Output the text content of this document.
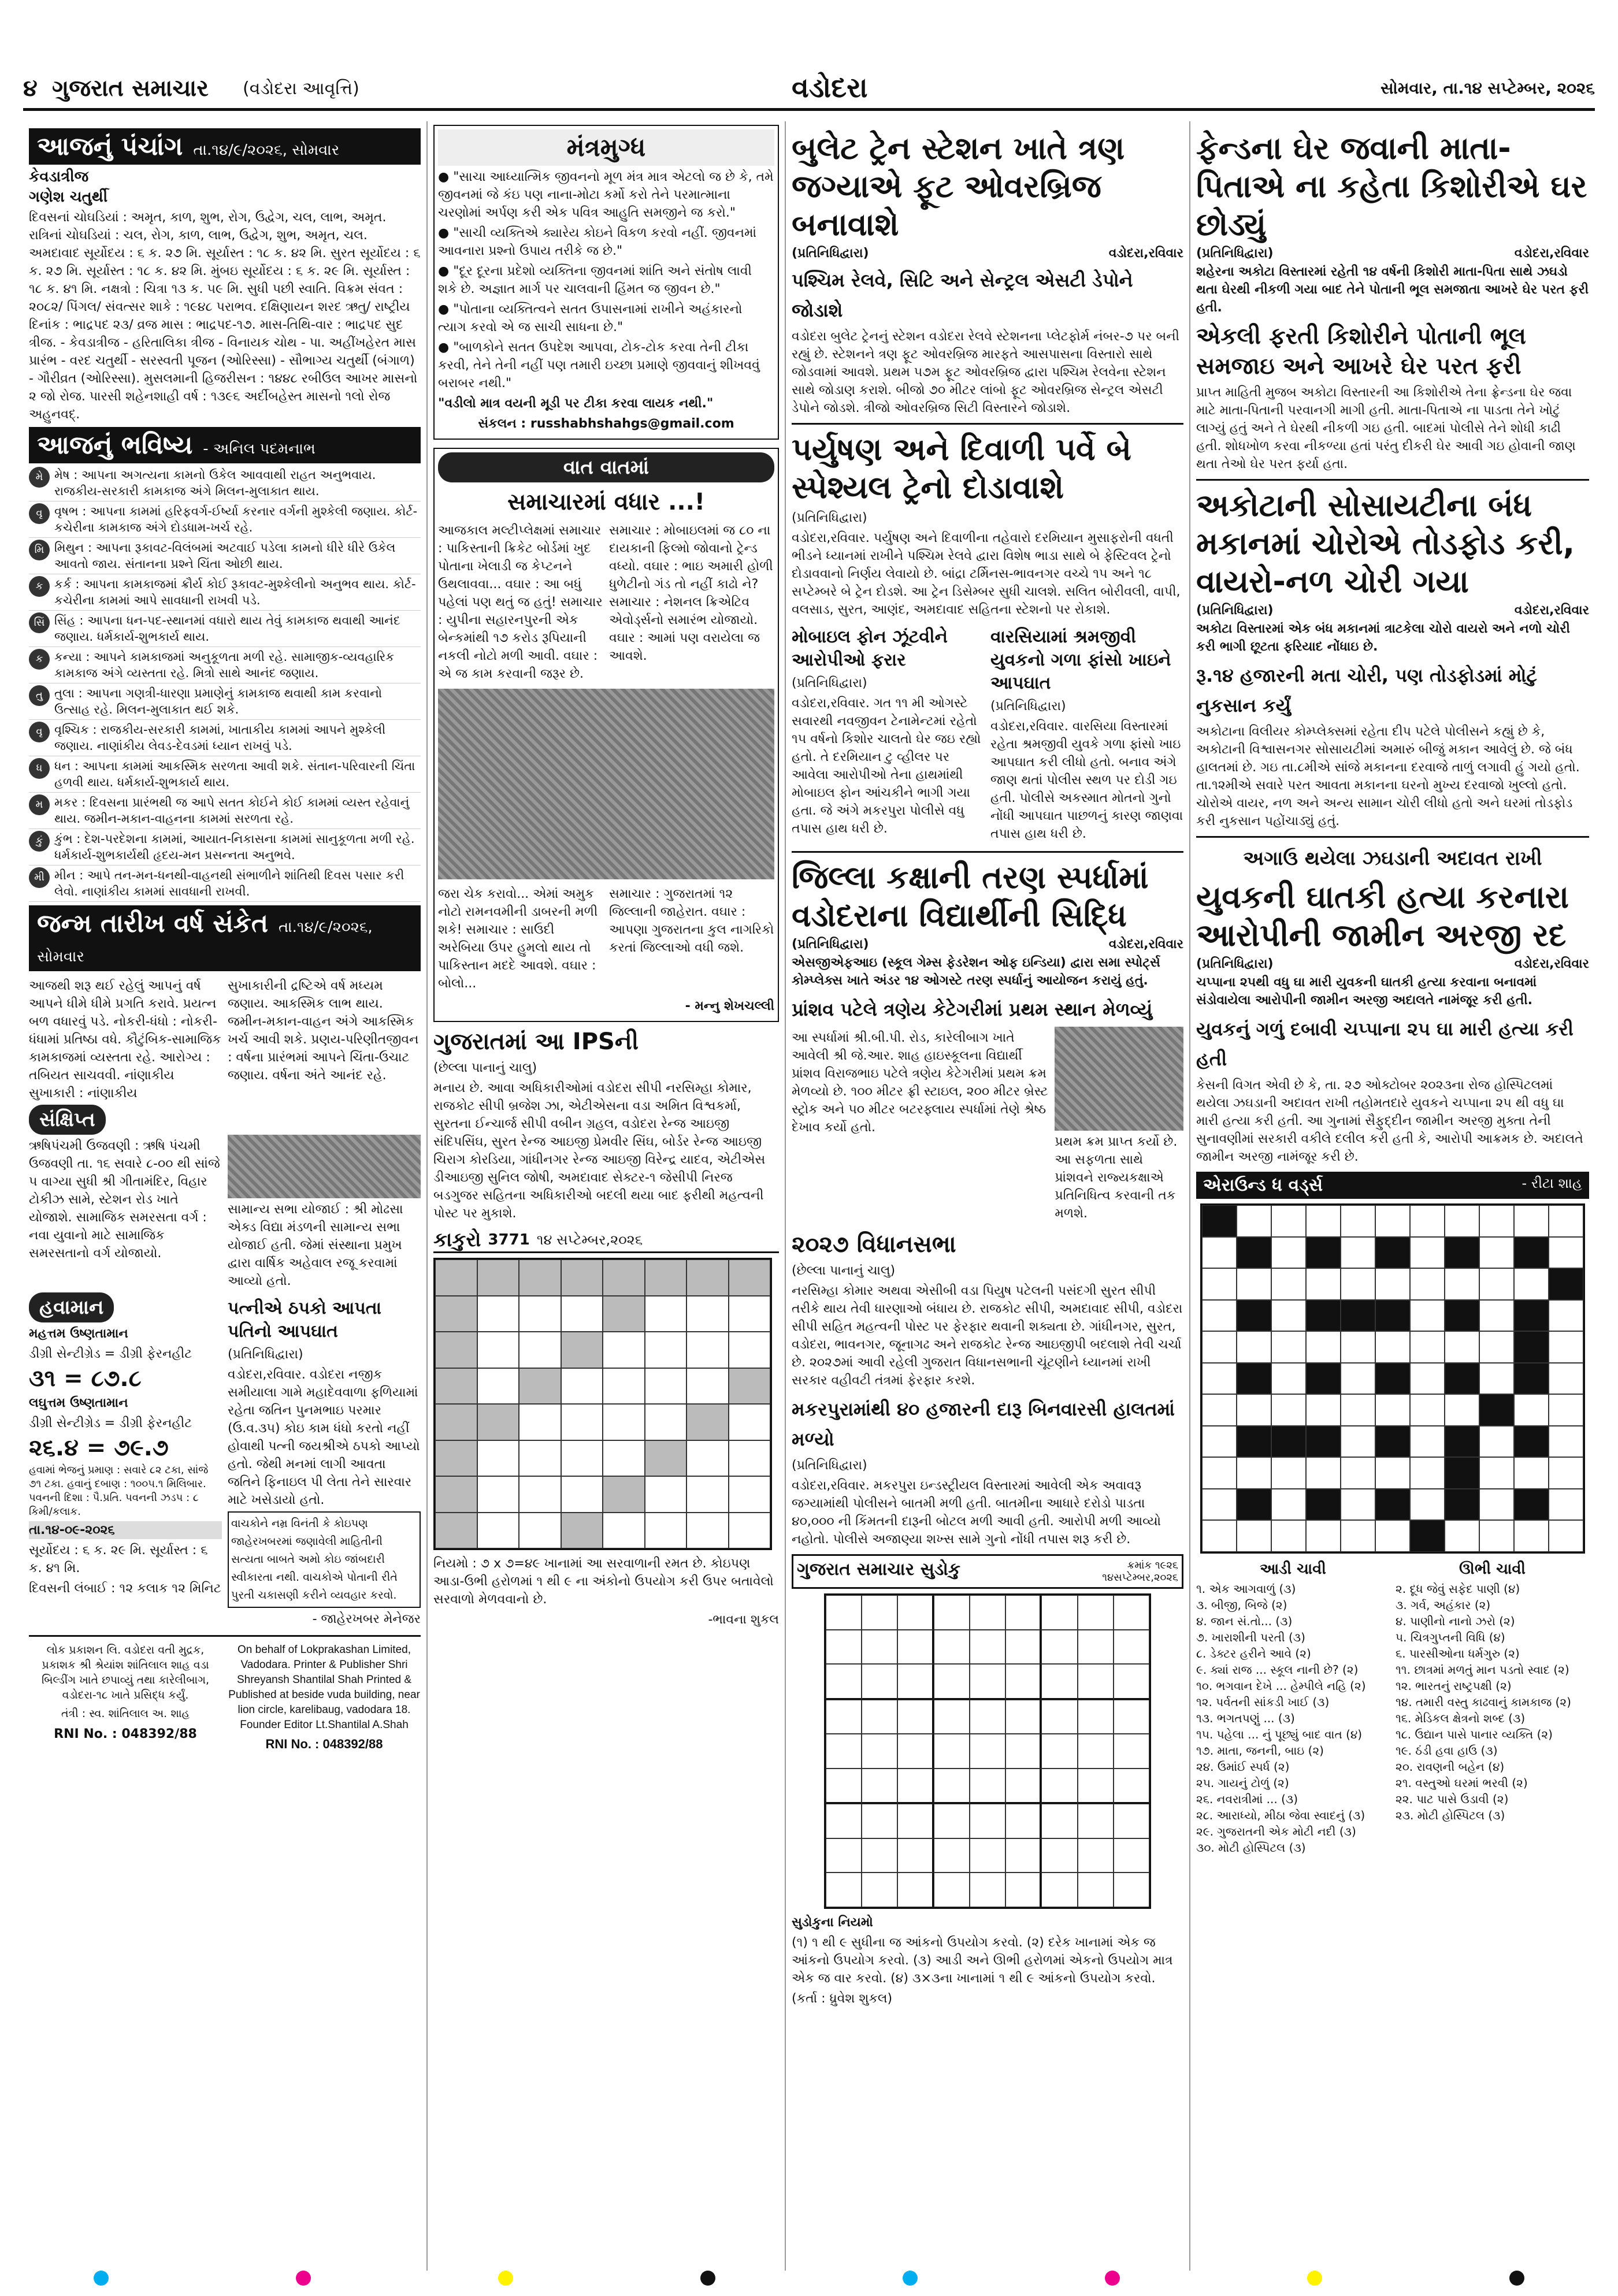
૪ ગુજરાત સમાચાર (વડોદરા આવૃત્તિ)	વડોદરા	સોમવાર, તા.૧૪ સપ્ટેમ્બર, ૨૦૨૬
આજનું પંચાંગ તા.૧૪/૯/૨૦૨૬, સોમવાર
કેવડાત્રીજ
ગણેશ ચતુર્થી
દિવસનાં ચોઘડિયાં : અમૃત, કાળ, શુભ, રોગ, ઉદ્વેગ, ચલ, લાભ, અમૃત. રાત્રિનાં ચોઘડિયાં : ચલ, રોગ, કાળ, લાભ, ઉદ્વેગ, શુભ, અમૃત, ચલ. અમદાવાદ સૂર્યોદય : ૬ ક. ૨૭ મિ. સૂર્યાસ્ત : ૧૮ ક. ૪૨ મિ. સુરત સૂર્યોદય : ૬ ક. ૨૭ મિ. સૂર્યાસ્ત : ૧૮ ક. ૪૨ મિ. મુંબઇ સૂર્યોદય : ૬ ક. ૨૯ મિ. સૂર્યાસ્ત : ૧૮ ક. ૪૧ મિ. નક્ષત્રો : ચિત્રા ૧૩ ક. ૫૯ મિ. સુધી પછી સ્વાતિ. વિક્રમ સંવત : ૨૦૮૨/ પિંગલ/ સંવત્સર શાકે : ૧૯૪૮ પરાભવ. દક્ષિણાયન શરદ ઋતુ/ રાષ્ટ્રીય દિનાંક : ભાદ્રપદ ૨૩/ વ્રજ માસ : ભાદ્રપદ-૧૭. માસ-તિથિ-વાર : ભાદ્રપદ સુદ ત્રીજ. - કેવડાત્રીજ - હરિતાલિકા ત્રીજ - વિનાયક ચોથ - પા. અહીંખહેરત માસ પ્રારંભ - વરદ ચતુર્થી - સરસ્વતી પૂજન (ઓરિસ્સા) - સૌભાગ્ય ચતુર્થી (બંગાળ) - ગૌરીવ્રત (ઓરિસ્સા). મુસલમાની હિજરીસન : ૧૪૪૮ રબીઉલ આખર માસનો ૨ જો રોજ. પારસી શહેનશાહી વર્ષ : ૧૩૯૬ અર્દીબહેસ્ત માસનો ૧લો રોજ અહુનવદ્.
આજનું ભવિષ્ય - અનિલ પદમનાભ
મે મેષ : આપના અગત્યના કામનો ઉકેલ આવવાથી રાહત અનુભવાય. રાજકીય-સરકારી કામકાજ અંગે મિલન-મુલાકાત થાય.
વૃ વૃષભ : આપના કામમાં હરિફવર્ગ-ઈર્ષ્યા કરનાર વર્ગની મુશ્કેલી જણાય. કોર્ટ-કચેરીના કામકાજ અંગે દોડધામ-ખર્ચ રહે.
મિ મિથુન : આપના રૂકાવટ-વિલંબમાં અટવાઈ પડેલા કામનો ધીરે ધીરે ઉકેલ આવતો જાય. સંતાનના પ્રશ્ને ચિંતા ઓછી થાય.
ક કર્ક : આપના કામકાજમાં ક્રૌર્ય કોઈ રૂકાવટ-મુશ્કેલીનો અનુભવ થાય. કોર્ટ-કચેરીના કામમાં આપે સાવધાની રાખવી પડે.
સિં સિંહ : આપના ધન-પદ-સ્થાનમાં વધારો થાય તેવું કામકાજ થવાથી આનંદ જણાય. ધર્મકાર્ય-શુભકાર્ય થાય.
ક કન્યા : આપને કામકાજમાં અનુકૂળતા મળી રહે. સામાજીક-વ્યવહારિક કામકાજ અંગે વ્યસ્તતા રહે. મિત્રો સાથે આનંદ જણાય.
તુ તુલા : આપના ગણત્રી-ધારણા પ્રમાણેનું કામકાજ થવાથી કામ કરવાનો ઉત્સાહ રહે. મિલન-મુલાકાત થઈ શકે.
વૃ વૃશ્ચિક : રાજકીય-સરકારી કામમાં, ખાતાકીય કામમાં આપને મુશ્કેલી જણાય. નાણાંકીય લેવડ-દેવડમાં ધ્યાન રાખવું પડે.
ધ ધન : આપના કામમાં આકસ્મિક સરળતા આવી શકે. સંતાન-પરિવારની ચિંતા હળવી થાય. ધર્મકાર્ય-શુભકાર્ય થાય.
મ મકર : દિવસના પ્રારંભથી જ આપે સતત કોઈને કોઈ કામમાં વ્યસ્ત રહેવાનું થાય. જમીન-મકાન-વાહનના કામમાં સરળતા રહે.
કું કુંભ : દેશ-પરદેશના કામમાં, આયાત-નિકાસના કામમાં સાનુકૂળતા મળી રહે. ધર્મકાર્ય-શુભકાર્યથી હૃદય-મન પ્રસન્નતા અનુભવે.
મી મીન : આપે તન-મન-ધનથી-વાહનથી સંભાળીને શાંતિથી દિવસ પસાર કરી લેવો. નાણાંકીય કામમાં સાવધાની રાખવી.
જન્મ તારીખ વર્ષ સંકેત તા.૧૪/૯/૨૦૨૬, સોમવાર
આજથી શરૂ થઈ રહેલું આપનું વર્ષ આપને ધીમે ધીમે પ્રગતિ કરાવે. પ્રયત્ન બળ વધારવું પડે. નોકરી-ધંધો : નોકરી-ધંધામાં પ્રતિષ્ઠા વધે. કૌટુંબિક-સામાજિક કામકાજમાં વ્યસ્તતા રહે. આરોગ્ય : તબિયત સાચવવી. નાંણાકીય સુખાકારી : નાંણાકીય
સુખાકારીની દ્રષ્ટિએ વર્ષ મધ્યમ જણાય. આકસ્મિક લાભ થાય. જમીન-મકાન-વાહન અંગે આકસ્મિક ખર્ચ આવી શકે. પ્રણય-પરિણીતજીવન : વર્ષના પ્રારંભમાં આપને ચિંતા-ઉચાટ જણાય. વર્ષના અંતે આનંદ રહે.
સંક્ષિપ્ત
ઋષિપંચમી ઉજવણી : ઋષિ પંચમી ઉજવણી તા. ૧૬ સવારે ૮-૦૦ થી સાંજે ૫ વાગ્યા સુધી શ્રી ગીતામંદિર, વિહાર ટોકીઝ સામે, સ્ટેશન રોડ ખાતે યોજાશે. સામાજિક સમરસતા વર્ગ : નવા યુવાનો માટે સામાજિક સમરસતાનો વર્ગ યોજાયો.
સામાન્ય સભા યોજાઈ : શ્રી મોઢસા એક્ડ વિદ્યા મંડળની સામાન્ય સભા યોજાઈ હતી. જેમાં સંસ્થાના પ્રમુખ દ્વારા વાર્ષિક અહેવાલ રજૂ કરવામાં આવ્યો હતો.
હવામાન
મહત્તમ ઉષ્ણતામાન
ડીગ્રી સેન્ટીગ્રેડ = ડીગ્રી ફેરનહીટ
૩૧ = ૮૭.૮
લઘુત્તમ ઉષ્ણતામાન
ડીગ્રી સેન્ટીગ્રેડ = ડીગ્રી ફેરનહીટ
૨૬.૪ = ૭૯.૭
હવામાં ભેજનું પ્રમાણ : સવારે ૮૨ ટકા, સાંજે ૭૧ ટકા. હવાનું દબાણ : ૧૦૦૫.૧ મિલિબાર. પવનની દિશા : પૈ.પ્રતિ. પવનની ઝડપ : ૮ કિમી/કલાક.
તા.૧૪-૦૯-૨૦૨૬
સૂર્યોદય : ૬ ક. ૨૯ મિ. સૂર્યાસ્ત : ૬ ક. ૪૧ મિ.
દિવસની લંબાઈ : ૧૨ કલાક ૧૨ મિનિટ
પત્નીએ ઠપકો આપતા પતિનો આપઘાત
(પ્રતિનિધિદ્વારા)
વડોદરા,રવિવાર. વડોદરા નજીક સમીયાલા ગામે મહાદેવવાળા ફળિયામાં રહેતા જતિન પુનમભાઇ પરમાર (ઉ.વ.૩૫) કોઇ કામ ધંધો કરતો નહીં હોવાથી પત્ની જયશ્રીએ ઠપકો આપ્યો હતો. જેથી મનમાં લાગી આવતા જતિને ફિનાઇલ પી લેતા તેને સારવાર માટે ખસેડાયો હતો.
વાચકોને નમ્ર વિનંતી કે કોઇપણ જાહેરખબરમાં જણાવેલી માહિતીની સત્યતા બાબતે અમો કોઇ જાંબદારી સ્વીકારતા નથી. વાચકોએ પોતાની રીતે પુરતી ચકાસણી કરીને વ્યવહાર કરવો.
- જાહેરખબર મેનેજર
લોક પ્રકાશન લિ. વડોદરા વતી મુદ્રક, પ્રકાશક શ્રી શ્રેયાંશ શાંતિલાલ શાહ વડા બિલ્ડીંગ ખાતે છપાવ્યું તથા કારેલીબાગ, વડોદરા-૧૮ ખાતે પ્રસિદ્ધ કર્યું.
તંત્રી : સ્વ. શાંતિલાલ અ. શાહ
RNI No. : 048392/88
On behalf of Lokprakashan Limited, Vadodara. Printer & Publisher Shri Shreyansh Shantilal Shah Printed & Published at beside vuda building, near lion circle, karelibaug, vadodara 18. Founder Editor Lt.Shantilal A.Shah
RNI No. : 048392/88
મંત્રમુગ્ધ
● "સાચા આધ્યાત્મિક જીવનનો મૂળ મંત્ર માત્ર એટલો જ છે કે, તમે જીવનમાં જે કંઇ પણ નાના-મોટા કર્મો કરો તેને પરમાત્માના ચરણોમાં અર્પણ કરી એક પવિત્ર આહુતિ સમજીને જ કરો."
● "સાચી વ્યક્તિએ ક્યારેય કોઇને વિકળ કરવો નહીં. જીવનમાં આવનારા પ્રશ્નો ઉપાય તરીકે જ છે."
● "દૂર દૂરના પ્રદેશો વ્યક્તિના જીવનમાં શાંતિ અને સંતોષ લાવી શકે છે. અજ્ઞાત માર્ગ પર ચાલવાની હિંમત જ જીવન છે."
● "પોતાના વ્યક્તિત્વને સતત ઉપાસનામાં રાખીને અહંકારનો ત્યાગ કરવો એ જ સાચી સાધના છે."
● "બાળકોને સતત ઉપદેશ આપવા, ટોક-ટોક કરવા તેની ટીકા કરવી, તેને તેની નહીં પણ તમારી ઇચ્છા પ્રમાણે જીવવાનું શીખવવું બરાબર નથી."
"વડીલો માત્ર વયની મૂડી પર ટીકા કરવા લાયક નથી."
સંકલન : russhabhshahgs@gmail.com
વાત વાતમાં
સમાચારમાં વધાર ...!
આજકાલ મલ્ટીપ્લેક્ષમાં સમાચાર : પાકિસ્તાની ક્રિકેટ બોર્ડમાં ખુદ પોતાના ખેલાડી જ કેપ્ટનને ઉથલાવવા... વઘાર : આ બધું પહેલાં પણ થતું જ હતું! સમાચાર : યુપીના સહારનપુરની એક બેન્કમાંથી ૧૭ કરોડ રૂપિયાની નકલી નોટો મળી આવી. વઘાર : એ જ કામ કરવાની જરૂર છે.
સમાચાર : મોબાઇલમાં જ ૮૦ ના દાયકાની ફિલ્મો જોવાનો ટ્રેન્ડ વધ્યો. વઘાર : ભાઇ અમારી હોળી ધુળેટીનો ગંડ તો નહીં કાઢો ને? સમાચાર : નેશનલ ક્રિએટિવ એવોર્ડ્સનો સમારંભ યોજાયો. વઘાર : આમાં પણ વરાયેલા જ આવશે.
જરા ચેક કરાવો... એમાં અમુક નોટો રામનવમીની ડાબરની મળી શકે! સમાચાર : સાઉદી અરેબિયા ઉપર હુમલો થાય તો પાકિસ્તાન મદદે આવશે. વઘાર : બોલો...
સમાચાર : ગુજરાતમાં ૧૨ જિલ્લાની જાહેરાત. વઘાર : આપણા ગુજરાતના કુલ નાગરિકો કરતાં જિલ્લાઓ વધી જશે.
- મન્નુ શેખચલ્લી
ગુજરાતમાં આ IPSની
(છેલ્લા પાનાનું ચાલુ)
મનાય છે. આવા અધિકારીઓમાં વડોદરા સીપી નરસિમ્હા કોમાર, રાજકોટ સીપી બ્રજેશ ઝા, એટીએસના વડા અમિત વિશ્વકર્મા, સુરતના ઈન્ચાર્જ સીપી વબીન ગ્રહલ, વડોદરા રેન્જ આઇજી સંદિપસિંઘ, સુરત રેન્જ આઇજી પ્રેમવીર સિંઘ, બોર્ડર રેન્જ આઇજી ચિરાગ કોરડિયા, ગાંધીનગર રેન્જ આઇજી વિરેન્દ્ર યાદવ, એટીએસ ડીઆઇજી સુનિલ જોષી, અમદાવાદ સેક્ટર-૧ જેસીપી નિરજ બડગુજર સહિતના અધિકારીઓ બદલી થયા બાદ ફરીથી મહત્વની પોસ્ટ પર મુકાશે.
કાકુરો 3771 ૧૪ સપ્ટેમ્બર,૨૦૨૬
નિયમો : ૭ x ૭=૪૯ ખાનામાં આ સરવાળાની રમત છે. કોઇપણ આડા-ઉભી હરોળમાં ૧ થી ૯ ના અંકોનો ઉપયોગ કરી ઉપર બતાવેલો સરવાળો મેળવવાનો છે.
-ભાવના શુકલ
બુલેટ ટ્રેન સ્ટેશન ખાતે ત્રણ જગ્યાએ ફૂટ ઓવરબ્રિજ બનાવાશે
(પ્રતિનિધિદ્વારા)	વડોદરા,રવિવાર
પશ્ચિમ રેલવે, સિટિ અને સેન્ટ્રલ એસટી ડેપોને જોડાશે
વડોદરા બુલેટ ટ્રેનનું સ્ટેશન વડોદરા રેલવે સ્ટેશનના પ્લેટફોર્મ નંબર-૭ પર બની રહ્યું છે. સ્ટેશનને ત્રણ ફૂટ ઓવરબ્રિજ મારફતે આસપાસના વિસ્તારો સાથે જોડવામાં આવશે. પ્રથમ ૫૭મ ફૂટ ઓવરબ્રિજ દ્વારા પશ્ચિમ રેલવેના સ્ટેશન સાથે જોડાણ કરાશે. બીજો ૭૦ મીટર લાંબો ફૂટ ઓવરબ્રિજ સેન્ટ્રલ એસટી ડેપોને જોડશે. ત્રીજો ઓવરબ્રિજ સિટી વિસ્તારને જોડાશે.
પર્યુષણ અને દિવાળી પર્વે બે સ્પેશ્યલ ટ્રેનો દોડાવાશે
(પ્રતિનિધિદ્વારા)
વડોદરા,રવિવાર. પર્યુષણ અને દિવાળીના તહેવારો દરમિયાન મુસાફરોની વધતી ભીડને ધ્યાનમાં રાખીને પશ્ચિમ રેલવે દ્વારા વિશેષ ભાડા સાથે બે ફેસ્ટિવલ ટ્રેનો દોડાવવાનો નિર્ણય લેવાયો છે. બાંદ્રા ટર્મિનસ-ભાવનગર વચ્ચે ૧૫ અને ૧૮ સપ્ટેમ્બરે બે ટ્રેન દોડશે. આ ટ્રેન ડિસેમ્બર સુધી ચાલશે. સલિત બોરીવલી, વાપી, વલસાડ, સુરત, આણંદ, અમદાવાદ સહિતના સ્ટેશનો પર રોકાશે.
મોબાઇલ ફોન ઝૂંટવીને આરોપીઓ ફરાર
(પ્રતિનિધિદ્વારા)
વડોદરા,રવિવાર. ગત ૧૧ મી ઓગસ્ટે સવારથી નવજીવન ટેનામેન્ટમાં રહેતો ૧૫ વર્ષનો કિશોર ચાલતો ઘેર જઇ રહ્યો હતો. તે દરમિયાન ટુ વ્હીલર પર આવેલા આરોપીઓ તેના હાથમાંથી મોબાઇલ ફોન આંચકીને ભાગી ગયા હતા. જે અંગે મકરપુરા પોલીસે વધુ તપાસ હાથ ધરી છે.
વારસિયામાં શ્રમજીવી યુવકનો ગળા ફાંસો ખાઇને આપઘાત
(પ્રતિનિધિદ્વારા)
વડોદરા,રવિવાર. વારસિયા વિસ્તારમાં રહેતા શ્રમજીવી યુવકે ગળા ફાંસો ખાઇ આપઘાત કરી લીધો હતો. બનાવ અંગે જાણ થતાં પોલીસ સ્થળ પર દોડી ગઇ હતી. પોલીસે અકસ્માત મોતનો ગુનો નોંધી આપઘાત પાછળનું કારણ જાણવા તપાસ હાથ ધરી છે.
જિલ્લા કક્ષાની તરણ સ્પર્ધામાં વડોદરાના વિદ્યાર્થીની સિદ્ધિ
(પ્રતિનિધિદ્વારા)	વડોદરા,રવિવાર
એસજીએફઆઇ (સ્કૂલ ગેમ્સ ફેડરેશન ઓફ ઇન્ડિયા) દ્વારા સમા સ્પોર્ટ્સ કોમ્પ્લેક્સ ખાતે અંડર ૧૪ ઓગસ્ટે તરણ સ્પર્ધાનું આયોજન કરાયું હતું.
પ્રાંશવ પટેલે ત્રણેય કેટેગરીમાં પ્રથમ સ્થાન મેળવ્યું
આ સ્પર્ધામાં શ્રી.બી.પી. રોડ, કારેલીબાગ ખાતે આવેલી શ્રી જે.આર. શાહ હાઇસ્કૂલના વિદ્યાર્થી પ્રાંશવ વિરાજભાઇ પટેલે ત્રણેય કેટેગરીમાં પ્રથમ ક્રમ મેળવ્યો છે. ૧૦૦ મીટર ફ્રી સ્ટાઇલ, ૨૦૦ મીટર બ્રેસ્ટ સ્ટ્રોક અને ૫૦ મીટર બટરફ્લાય સ્પર્ધામાં તેણે શ્રેષ્ઠ દેખાવ કર્યો હતો.
પ્રથમ ક્રમ પ્રાપ્ત કર્યો છે. આ સફળતા સાથે પ્રાંશવને રાજ્યકક્ષાએ પ્રતિનિધિત્વ કરવાની તક મળશે.
૨૦૨૭ વિધાનસભા
(છેલ્લા પાનાનું ચાલુ)
નરસિમ્હા કોમાર અથવા એસીબી વડા પિયુષ પટેલની પસંદગી સુરત સીપી તરીકે થાય તેવી ધારણાઓ બંધાય છે. રાજકોટ સીપી, અમદાવાદ સીપી, વડોદરા સીપી સહિત મહત્વની પોસ્ટ પર ફેરફાર થવાની શક્યતા છે. ગાંધીનગર, સુરત, વડોદરા, ભાવનગર, જૂનાગઢ અને રાજકોટ રેન્જ આઇજીપી બદલાશે તેવી ચર્ચા છે. ૨૦૨૭માં આવી રહેલી ગુજરાત વિધાનસભાની ચૂંટણીને ધ્યાનમાં રાખી સરકાર વહીવટી તંત્રમાં ફેરફાર કરશે.
મકરપુરામાંથી ૪૦ હજારની દારૂ બિનવારસી હાલતમાં મળ્યો
(પ્રતિનિધિદ્વારા)
વડોદરા,રવિવાર. મકરપુરા ઇન્ડસ્ટ્રીયલ વિસ્તારમાં આવેલી એક અવાવરૂ જગ્યામાંથી પોલીસને બાતમી મળી હતી. બાતમીના આધારે દરોડો પાડતા ૪૦,૦૦૦ ની કિંમતની દારૂની બોટલ મળી આવી હતી. આરોપી મળી આવ્યો નહોતો. પોલીસે અજાણ્યા શખ્સ સામે ગુનો નોંધી તપાસ શરૂ કરી છે.
ગુજરાત સમાચાર સુડોકુ	ક્રમાંક ૧૯૨૬
૧૪સપ્ટેમ્બર,૨૦૨૬
સુડોકુના નિયમો
(૧) ૧ થી ૯ સુધીના જ આંકનો ઉપયોગ કરવો. (૨) દરેક ખાનામાં એક જ આંકનો ઉપયોગ કરવો. (૩) આડી અને ઊભી હરોળમાં એકનો ઉપયોગ માત્ર એક જ વાર કરવો. (૪) ૩×૩ના ખાનામાં ૧ થી ૯ આંકનો ઉપયોગ કરવો.
(કર્તા : ધ્રુવેશ શુકલ)
ફેન્ડના ઘેર જવાની માતા-પિતાએ ના કહેતા કિશોરીએ ઘર છોડ્યું
(પ્રતિનિધિદ્વારા)	વડોદરા,રવિવાર
શહેરના અકોટા વિસ્તારમાં રહેતી ૧૪ વર્ષની કિશોરી માતા-પિતા સાથે ઝઘડો થતા ઘેરથી નીકળી ગયા બાદ તેને પોતાની ભૂલ સમજાતા આખરે ઘેર પરત ફરી હતી.
એકલી ફરતી કિશોરીને પોતાની ભૂલ સમજાઇ અને આખરે ઘેર પરત ફરી
પ્રાપ્ત માહિતી મુજબ અકોટા વિસ્તારની આ કિશોરીએ તેના ફ્રેન્ડના ઘેર જવા માટે માતા-પિતાની પરવાનગી માગી હતી. માતા-પિતાએ ના પાડતા તેને ખોટું લાગ્યું હતું અને તે ઘેરથી નીકળી ગઇ હતી. બાદમાં પોલીસે તેને શોધી કાઢી હતી. શોધખોળ કરવા નીકળ્યા હતાં પરંતુ દીકરી ઘેર આવી ગઇ હોવાની જાણ થતા તેઓ ઘેર પરત ફર્યા હતા.
અકોટાની સોસાયટીના બંધ મકાનમાં ચોરોએ તોડફોડ કરી, વાયરો-નળ ચોરી ગયા
(પ્રતિનિધિદ્વારા)	વડોદરા,રવિવાર
અકોટા વિસ્તારમાં એક બંધ મકાનમાં ત્રાટકેલા ચોરો વાયરો અને નળો ચોરી કરી ભાગી છૂટતા ફરિયાદ નોંધાઇ છે.
રૂ.૧૪ હજારની મતા ચોરી, પણ તોડફોડમાં મોટું નુકસાન કર્યું
અકોટાના વિલીયર કોમ્પ્લેક્સમાં રહેતા દીપ પટેલે પોલીસને કહ્યું છે કે, અકોટાની વિશ્વાસનગર સોસાયટીમાં અમારું બીજું મકાન આવેલું છે. જે બંધ હાલતમાં છે. ગઇ તા.૮મીએ સાંજે મકાનના દરવાજે તાળું લગાવી હું ગયો હતો. તા.૧૨મીએ સવારે પરત આવતા મકાનના ઘરનો મુખ્ય દરવાજો ખુલ્લો હતો. ચોરોએ વાયર, નળ અને અન્ય સામાન ચોરી લીધો હતો અને ઘરમાં તોડફોડ કરી નુકસાન પહોંચાડ્યું હતું.
અગાઉ થયેલા ઝઘડાની અદાવત રાખી
યુવકની ઘાતકી હત્યા કરનારા આરોપીની જામીન અરજી રદ
(પ્રતિનિધિદ્વારા)	વડોદરા,રવિવાર
ચપ્પાના ૨૫થી વધુ ઘા મારી યુવકની ઘાતકી હત્યા કરવાના બનાવમાં સંડોવાયેલા આરોપીની જામીન અરજી અદાલતે નામંજૂર કરી હતી.
યુવકનું ગળું દબાવી ચપ્પાના ૨૫ ઘા મારી હત્યા કરી હતી
કેસની વિગત એવી છે કે, તા. ૨૭ ઓક્ટોબર ૨૦૨૩ના રોજ હોસ્પિટલમાં થયેલા ઝઘડાની અદાવત રાખી તહોમતદારે યુવકને ચપ્પાના ૨૫ થી વધુ ઘા મારી હત્યા કરી હતી. આ ગુનામાં સૈફુદ્દીન જામીન અરજી મુક્તા તેની સુનાવણીમાં સરકારી વકીલે દલીલ કરી હતી કે, આરોપી આક્રમક છે. અદાલતે જામીન અરજી નામંજૂર કરી છે.
એરાઉન્ડ ધ વર્ડ્સ	- રીટા શાહ
આડી ચાવી
૧. એક આગવાળું (૩)
૩. બીજી, બિજે (૨)
૪. જાન સં.તો... (૩)
૭. ખારાશીની પરતી (૩)
૮. ડેક્ટર હરીને આવે (૨)
૯. ક્યાં રાજ ... સ્કૂલ નાની છે? (૨)
૧૦. ભગવાન દેખે ... હેમ્પીલે નહિ (૨)
૧૨. પર્વતની સાંકડી ખાઈ (૩)
૧૩. ભગતપણું ... (૩)
૧૫. પહેલા ... નું પૂછ્યું બાદ વાત (૪)
૧૭. માતા, જનની, બાઇ (૨)
૨૪. ઉમાંઈ સ્પર્ધ (૨)
૨૫. ગાયનું ટોળું (૨)
૨૬. નવરાત્રીમાં ... (૩)
૨૮. આરાધ્યો, મીઠા જેવા સ્વાદનું (૩)
૨૯. ગુજરાતની એક મોટી નદી (૩)
૩૦. મોટી હોસ્પિટલ (૩)
ઊભી ચાવી
૨. દૂધ જેવું સફેદ પાણી (૪)
૩. ગર્વ, અહંકાર (૨)
૪. પાણીનો નાનો ઝરો (૨)
૫. ચિત્રગુપ્તની વિધિ (૪)
૬. પારસીઓના ધર્મગુરુ (૨)
૧૧. છાત્રમાં મળતું માન પડતો સ્વાદ (૨)
૧૨. ભારતનું રાષ્ટ્રપક્ષી (૨)
૧૪. તમારી વસ્તુ કાઢવાનું કામકાજ (૨)
૧૬. મેડિકલ ક્ષેત્રનો શબ્દ (૩)
૧૮. ઉદ્યાન પાસે પાનાર વ્યક્તિ (૨)
૧૯. ઠંડી હવા હાઉ (૩)
૨૦. રાવણની બહેન (૪)
૨૧. વસ્તુઓ ઘરમાં ભરવી (૨)
૨૨. પાટ પાસે ઉડાવી (૨)
૨૩. મોટી હોસ્પિટલ (૩)
